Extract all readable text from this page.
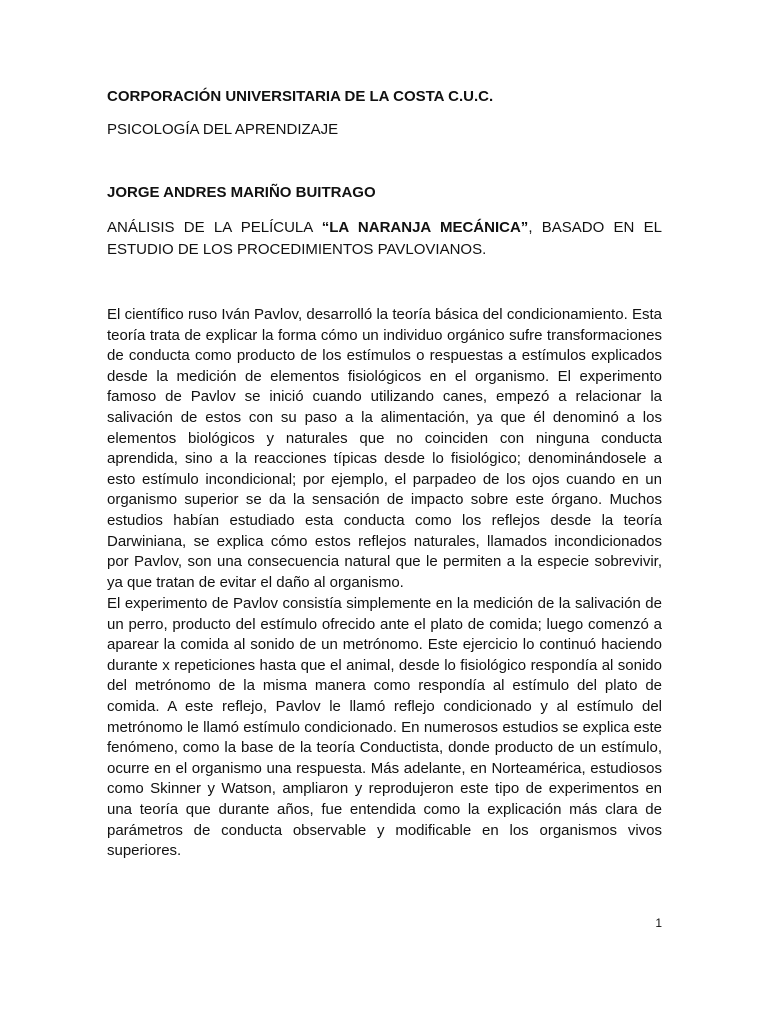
CORPORACIÓN UNIVERSITARIA DE LA COSTA C.U.C.
PSICOLOGÍA DEL APRENDIZAJE
JORGE ANDRES MARIÑO BUITRAGO
ANÁLISIS DE LA PELÍCULA “LA NARANJA MECÁNICA”, BASADO EN EL ESTUDIO DE LOS PROCEDIMIENTOS PAVLOVIANOS.
El científico ruso Iván Pavlov, desarrolló la teoría básica del condicionamiento. Esta teoría trata de explicar la forma cómo un individuo orgánico sufre transformaciones de conducta como producto de los estímulos o respuestas a estímulos explicados desde la medición de elementos fisiológicos en el organismo. El experimento famoso de Pavlov se inició cuando utilizando canes, empezó a relacionar la salivación de estos con su paso a la alimentación, ya que él denominó a los elementos biológicos y naturales que no coinciden con ninguna conducta aprendida, sino a la reacciones típicas desde lo fisiológico; denominándosele a esto estímulo incondicional; por ejemplo, el parpadeo de los ojos cuando en un organismo superior se da la sensación de impacto sobre este órgano. Muchos estudios habían estudiado esta conducta como los reflejos desde la teoría Darwiniana, se explica cómo estos reflejos naturales, llamados incondicionados por Pavlov, son una consecuencia natural que le permiten a la especie sobrevivir, ya que tratan de evitar el daño al organismo.
El experimento de Pavlov consistía simplemente en la medición de la salivación de un perro, producto del estímulo ofrecido ante el plato de comida; luego comenzó a aparear la comida al sonido de un metrónomo. Este ejercicio lo continuó haciendo durante x repeticiones hasta que el animal, desde lo fisiológico respondía al sonido del metrónomo de la misma manera como respondía al estímulo del plato de comida. A este reflejo, Pavlov le llamó reflejo condicionado y al estímulo del metrónomo le llamó estímulo condicionado. En numerosos estudios se explica este fenómeno, como la base de la teoría Conductista, donde producto de un estímulo, ocurre en el organismo una respuesta. Más adelante, en Norteamérica, estudiosos como Skinner y Watson, ampliaron y reprodujeron este tipo de experimentos en una teoría que durante años, fue entendida como la explicación más clara de parámetros de conducta observable y modificable en los organismos vivos superiores.
1
